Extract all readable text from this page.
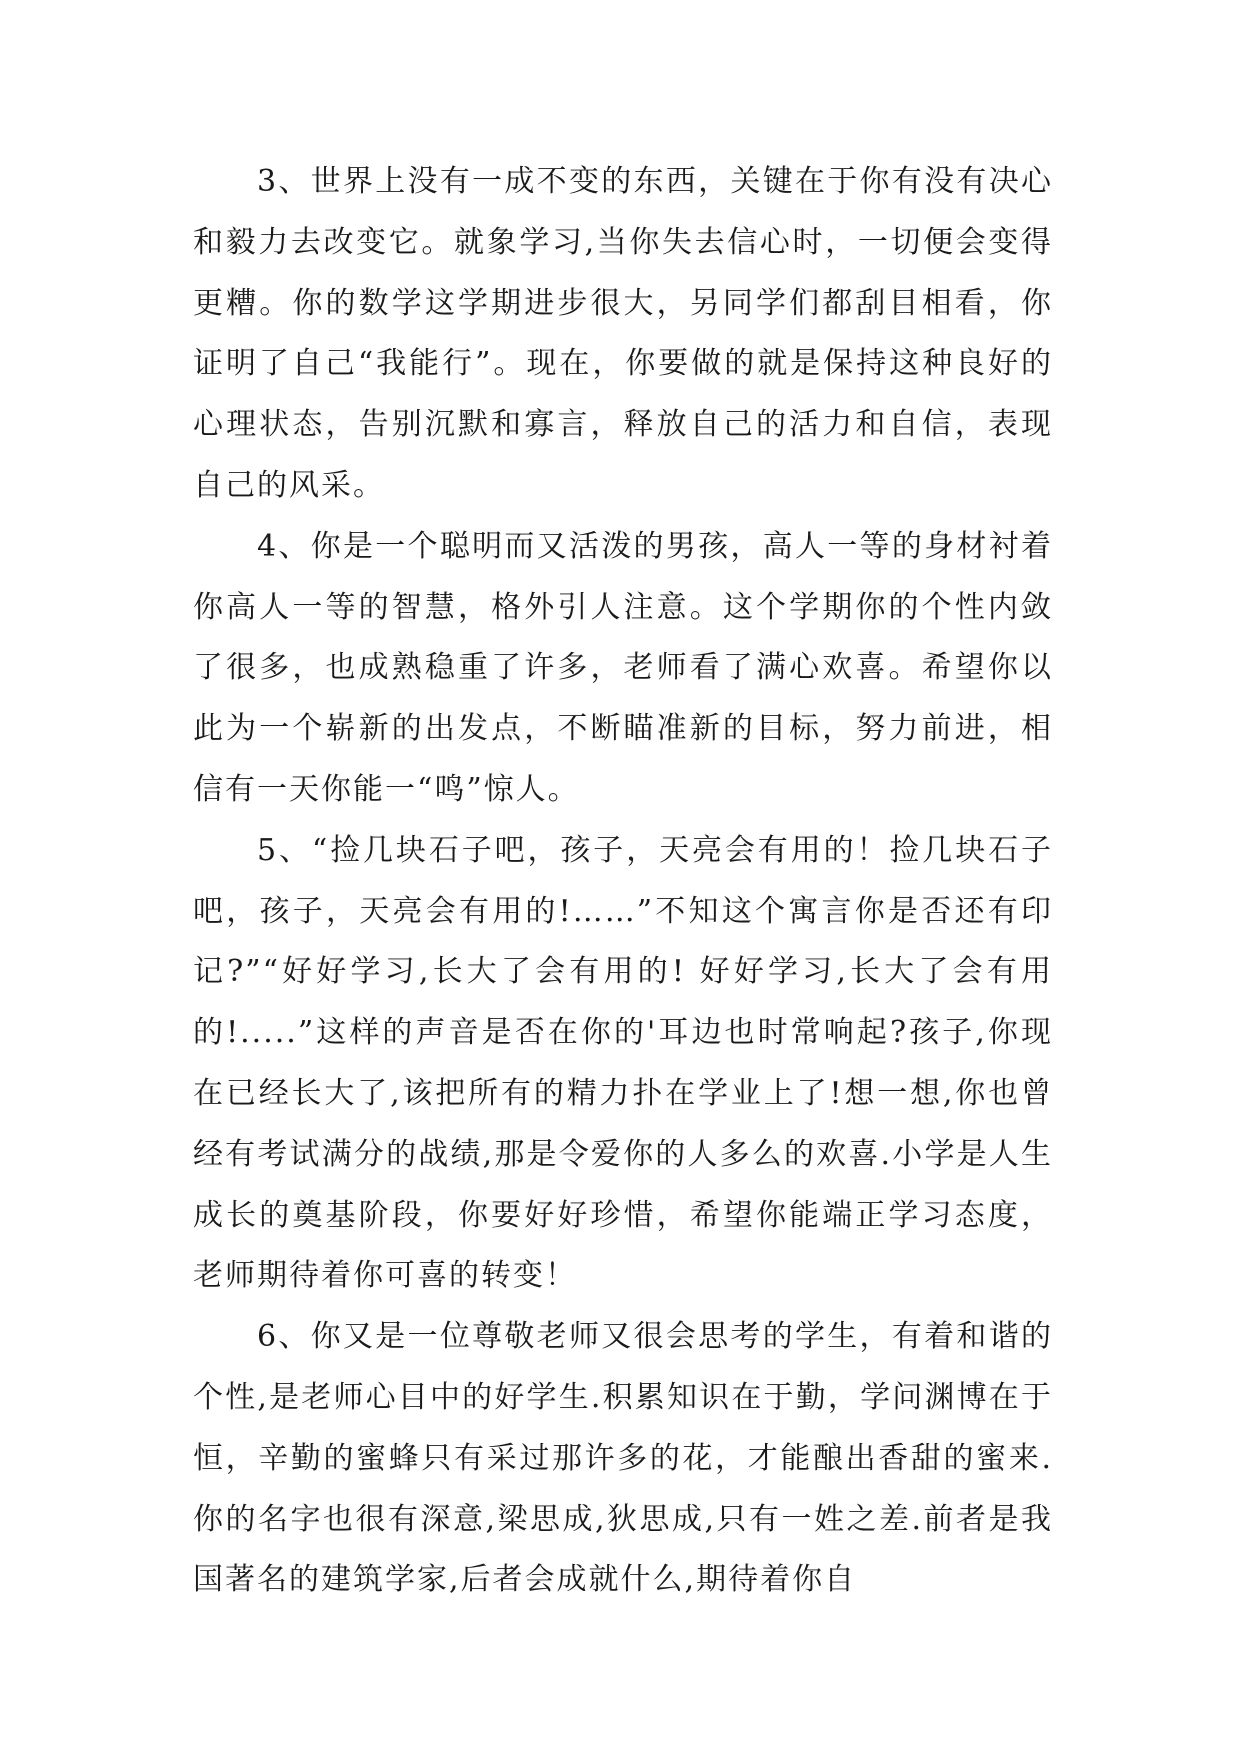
3、世界上没有一成不变的东西，关键在于你有没有决心和毅力去改变它。就象学习,当你失去信心时，一切便会变得更糟。你的数学这学期进步很大，另同学们都刮目相看，你证明了自己“我能行”。现在，你要做的就是保持这种良好的心理状态，告别沉默和寡言，释放自己的活力和自信，表现自己的风采。

4、你是一个聪明而又活泼的男孩，高人一等的身材衬着你高人一等的智慧，格外引人注意。这个学期你的个性内敛了很多，也成熟稳重了许多，老师看了满心欢喜。希望你以此为一个崭新的出发点，不断瞄准新的目标，努力前进，相信有一天你能一“鸣”惊人。

5、“捡几块石子吧，孩子，天亮会有用的！捡几块石子吧，孩子，天亮会有用的!……”不知这个寓言你是否还有印记?”“好好学习,长大了会有用的! 好好学习,长大了会有用的!.....”这样的声音是否在你的'耳边也时常响起?孩子,你现在已经长大了,该把所有的精力扑在学业上了!想一想,你也曾经有考试满分的战绩,那是令爱你的人多么的欢喜.小学是人生成长的奠基阶段，你要好好珍惜，希望你能端正学习态度，老师期待着你可喜的转变！

6、你又是一位尊敬老师又很会思考的学生，有着和谐的个性,是老师心目中的好学生.积累知识在于勤，学问渊博在于恒，辛勤的蜜蜂只有采过那许多的花，才能酿出香甜的蜜来.你的名字也很有深意,梁思成,狄思成,只有一姓之差.前者是我国著名的建筑学家,后者会成就什么,期待着你自
